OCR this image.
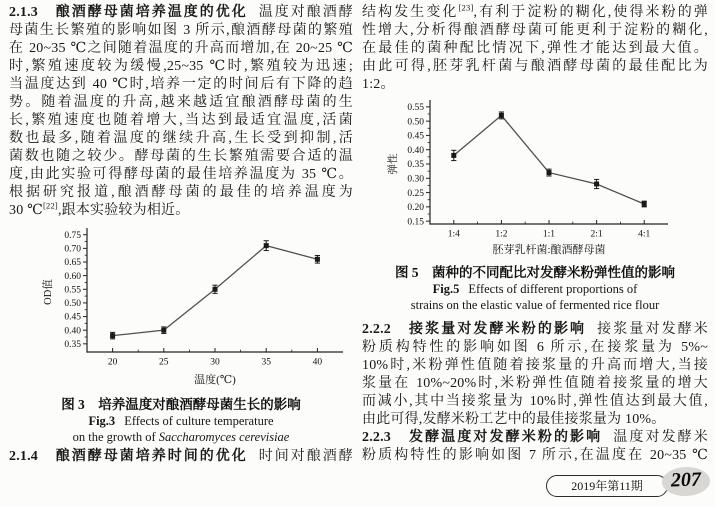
2.1.3　酿酒酵母菌培养温度的优化 温度对酿酒酵
母菌生长繁殖的影响如图 3 所示,酿酒酵母菌的繁殖
在 20~35 ℃之间随着温度的升高而增加,在 20~25 ℃
时,繁殖速度较为缓慢,25~35 ℃时,繁殖较为迅速;
当温度达到 40 ℃时,培养一定的时间后有下降的趋
势。随着温度的升高,越来越适宜酿酒酵母菌的生
长,繁殖速度也随着增大,当达到最适宜温度,活菌
数也最多,随着温度的继续升高,生长受到抑制,活
菌数也随之较少。酵母菌的生长繁殖需要合适的温
度,由此实验可得酵母菌的最佳培养温度为 35 ℃。
根据研究报道,酿酒酵母菌的最佳的培养温度为
30 ℃[22],跟本实验较为相近。
0.35
0.40
0.45
0.50
0.55
0.60
0.65
0.70
0.75
20	25	30	35	40
温度(℃)
OD值
图 3　培养温度对酿酒酵母菌生长的影响
Fig.3 Effects of culture temperature
on the growth of Saccharomyces cerevisiae
2.1.4　酿酒酵母菌培养时间的优化 时间对酿酒酵
结构发生变化[23],有利于淀粉的糊化,使得米粉的弹
性增大,分析得酿酒酵母菌可能更利于淀粉的糊化,
在最佳的菌种配比情况下,弹性才能达到最大值。
由此可得,胚芽乳杆菌与酿酒酵母菌的最佳配比为
1:2。
0.15
0.20
0.25
0.30
0.35
0.40
0.45
0.50
0.55
1:4	1:2	1:1	2:1	4:1
胚芽乳杆菌:酿酒酵母菌
弹性
图 5　菌种的不同配比对发酵米粉弹性值的影响
Fig.5 Effects of different proportions of
strains on the elastic value of fermented rice flour
2.2.2　接浆量对发酵米粉的影响 接浆量对发酵米
粉质构特性的影响如图 6 所示,在接浆量为 5%~
10%时,米粉弹性值随着接浆量的升高而增大,当接
浆量在 10%~20%时,米粉弹性值随着接浆量的增大
而减小,其中当接浆量为 10%时,弹性值达到最大值,
由此可得,发酵米粉工艺中的最佳接浆量为 10%。
2.2.3　发酵温度对发酵米粉的影响 温度对发酵米
粉质构特性的影响如图 7 所示,在温度在 20~35 ℃
2019年第11期	207
